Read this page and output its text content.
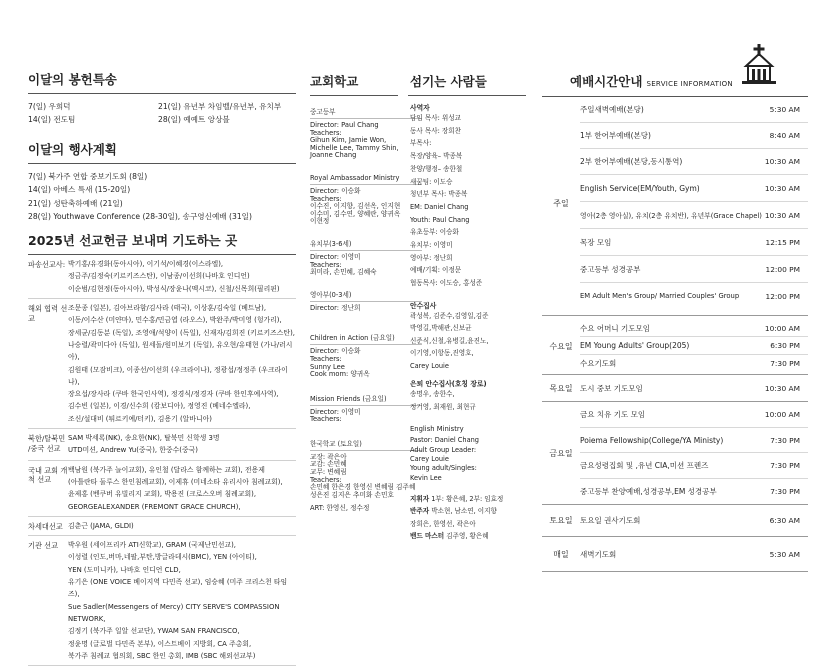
이달의 봉헌특송
7(일) 우희덕	21(일) 유년부 차임벨/유년부, 유치부
14(일) 전도팀	28(일) 예예트 앙상블
이달의 행사계획
7(일) 북가주 연합 중보기도회 (8일)
14(일) 아베스 특새 (15-20일)
21(일) 성탄축하예배 (21일)
28(일) Youthwave Conference (28-30일), 송구영신예배 (31일)
2025년 선교헌금 보내며 기도하는 곳
파송선교사: 박기홍/유경화(동아시아), 이기석/이혜경(이스라엘),
정금주/김정숙(키르키즈스탄), 이남종/이선희(나바호 인디언)
이순범/김현정(동아시아), 박성식/장윤나(멕시코), 신철/신목희(필리핀)
해외 협력 선교
조문종 (일본), 김아브라함/김사라 (태국), 이상훈/김숙일 (베트남),
이동/이수산 (미얀마), 민수홍/민금엽 (라오스), 박완주/박미영 (헝가리),
장세균/김동분 (독일), 조영애/석양이 (독일), 신재자/김희진 (키르키즈스탄),
나승렬/곽미다아 (독일), 원세돌/원미보기 (독일), 유오현/유태현 (가나/러시아),
김원태 (모잠비크), 이종선/이선희 (우크라이나), 정광섭/정정주 (우크라이나),
장요섭/장사라 (쿠바 한국인사역), 정경식/정경자 (쿠바 한인후예사역),
김수빈 (일본), 이경/신수희 (캄보디아), 정영진 (베네수엘라),
조신/설대비 (튀르키예/터키), 김용기 (알바니아)
북한/탈북민 /중국 선교
SAM 박세록(NK), 송요한(NK), 탈북민 신학생 3명
UTD미션, Andrew Yu(중국), 한중수(중국)
국내 교회 개척 선교
백남원 (북가주 늘이교회), 유인철 (달라스 함께하는 교회), 전용제
(아틀란타 둘루스 한인침례교회), 이제휴 (미네소타 유리시아 침례교회),
윤제홍 (벤쿠버 유빌리지 교회), 박용진 (크로스오버 침례교회),
GEORGEALEXANDER (FREMONT GRACE CHURCH),
차세대선교 김춘근 (JAMA, GLDI)
기관 선교	박우원 (세이프리카 ATI신학교), GRAM (국제난민선교),
이성렬 (인도,버마,네팔,부탄,방글라데시(BMC), YEN (아이티),
YEN (도미니카), 나바호 인디언 CLD,
유기은 (ONE VOICE 베이지역 다민족 선교), 임승혜 (미주 크리스천 타임즈),
Sue Sadler(Messengers of Mercy) CITY SERVE'S COMPASSION NETWORK,
김정기 (북가주 일알 선교단), YWAM SAN FRANCISCO,
정윤명 (글로벌 다민족 본부), 이스트베이 지방회, CA 주총회,
북가주 침례교 협의회, SBC 한인 총회, IMB (SBC 해외선교부)
교회학교
중고등부
Director: Paul Chang
Teachers:
Gihun Kim, Jamie Won,
Michelle Lee, Tammy Shin,
Joanne Chang
Royal Ambassador Ministry
Director: 이승화
Teachers:
이수진, 이지향, 김선옥, 인지현
이수미, 김수연, 양혜란, 양귀옥
이현정
유치부(3-6세)
Director: 이영미
Teachers:
최미라, 손민혜, 김혜숙
영아부(0-3세)
Director: 정난희
Children in Action (금요일)
Director: 이승화
Teachers:
Sunny Lee
Cook mom: 양귀옥
Mission Friends (금요일)
Director: 이영미
Teachers:
한국학교 (토요일)
교장: 곽은아
교감: 손민혜
교무: 변혜림
Teachers:
손민혜 한은경 한영신 변혜림 김주혜
성은진 김지은 추미화 손민호
ART: 한영신, 정수정
섬기는 사람들
사역자
담임 목사: 위성교
동사 목사: 장희찬
부목사:
목장/양육– 박종복
찬양/행정– 송한철
새꿈팀: 이도승
청년부 목사: 박종복
EM: Daniel Chang
Youth: Paul Chang
유초등부: 이승화
유치부: 이영미
영아부: 정난희
예배/기획: 이정문
협동목사: 이도승, 홍성준
안수집사
곽성복, 김준수,김영일,김준
박영길,박해관,신보균
신준식,신철,유병길,윤진노,
이기영,이항동,진영호,
Carey Louie
은퇴 안수집사(호칭 장로)
송명우, 송한수,
정기영, 최재원, 최현규
English Ministry
Pastor: Daniel Chang
Adult Group Leader:
Carey Louie
Young adult/Singles:
Kevin Lee
지휘자 1부: 황은혜, 2부: 임효정
반주자 박소현, 남소연, 이지향
장희은, 한영선, 곽은아
밴드 마스터 김주영, 황은혜
예배시간안내 SERVICE INFORMATION
주일
주일새벽예배(본당)	5:30 AM
1부 한어부예배(본당)	8:40 AM
2부 한어부예배(본당,동시통역)	10:30 AM
English Service(EM/Youth, Gym)	10:30 AM
영아(2층 영아실), 유치(2층 유치반), 유년부(Grace Chapel) 10:30 AM
목장 모임	12:15 PM
중고등부 성경공부	12:00 PM
EM Adult Men's Group/ Married Couples' Group	12:00 PM
수요일
수요 어머니 기도모임	10:00 AM
EM Young Adults' Group(205)	6:30 PM
수요기도회	7:30 PM
목요일 도시 중보 기도모임	10:30 AM
금요일
금요 치유 기도 모임	10:00 AM
Poiema Fellowship(College/YA Ministy)	7:30 PM
금요성령집회 및 ,유년 CIA,미션 프렌즈	7:30 PM
중고등부 찬양예배,성경공부,EM 성경공부	7:30 PM
토요일 토요일 권사기도회	6:30 AM
매일	새벽기도회	5:30 AM
